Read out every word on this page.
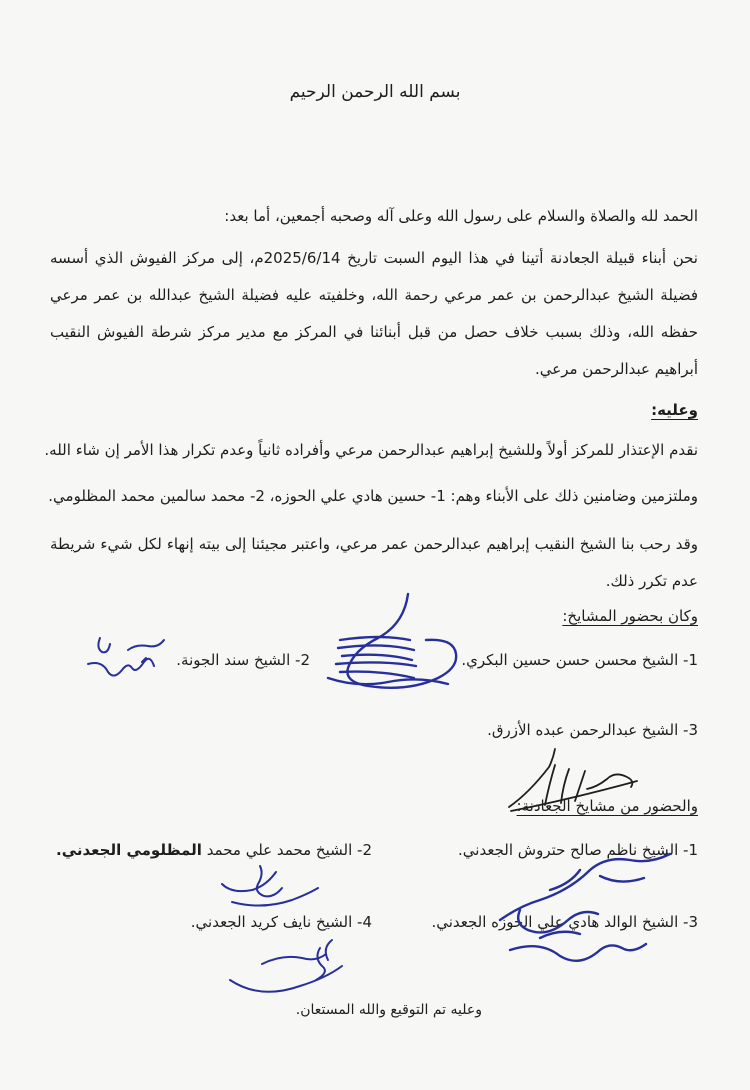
بسم الله الرحمن الرحيم

الحمد لله والصلاة والسلام على رسول الله وعلى آله وصحبه أجمعين، أما بعد:

نحن أبناء قبيلة الجعادنة أتينا في هذا اليوم السبت تاريخ 2025/6/14م، إلى مركز الفيوش الذي أسسه فضيلة الشيخ عبدالرحمن بن عمر مرعي رحمة الله، وخلفيته عليه فضيلة الشيخ عبدالله بن عمر مرعي حفظه الله، وذلك بسبب خلاف حصل من قبل أبنائنا في المركز مع مدير مركز شرطة الفيوش النقيب أبراهيم عبدالرحمن مرعي.

وعليه:

نقدم الإعتذار للمركز أولاً وللشيخ إبراهيم عبدالرحمن مرعي وأفراده ثانياً وعدم تكرار هذا الأمر إن شاء الله.

وملتزمين وضامنين ذلك على الأبناء وهم: 1- حسين هادي علي الحوزه، 2- محمد سالمين محمد المظلومي.

وقد رحب بنا الشيخ النقيب إبراهيم عبدالرحمن عمر مرعي، واعتبر مجيئنا إلى بيته إنهاء لكل شيء شريطة عدم تكرر ذلك.

وكان بحضور المشايخ:

1- الشيخ محسن حسن حسين البكري.

2- الشيخ سند الجونة.

3- الشيخ عبدالرحمن عبده الأزرق.

والحضور من مشايخ الجعادنة:

1- الشيخ ناظم صالح حتروش الجعدني.

2- الشيخ محمد علي محمد المظلومي الجعدني.

3- الشيخ الوالد هادي علي الحوزه الجعدني.

4- الشيخ نايف كريد الجعدني.

وعليه تم التوقيع والله المستعان.
